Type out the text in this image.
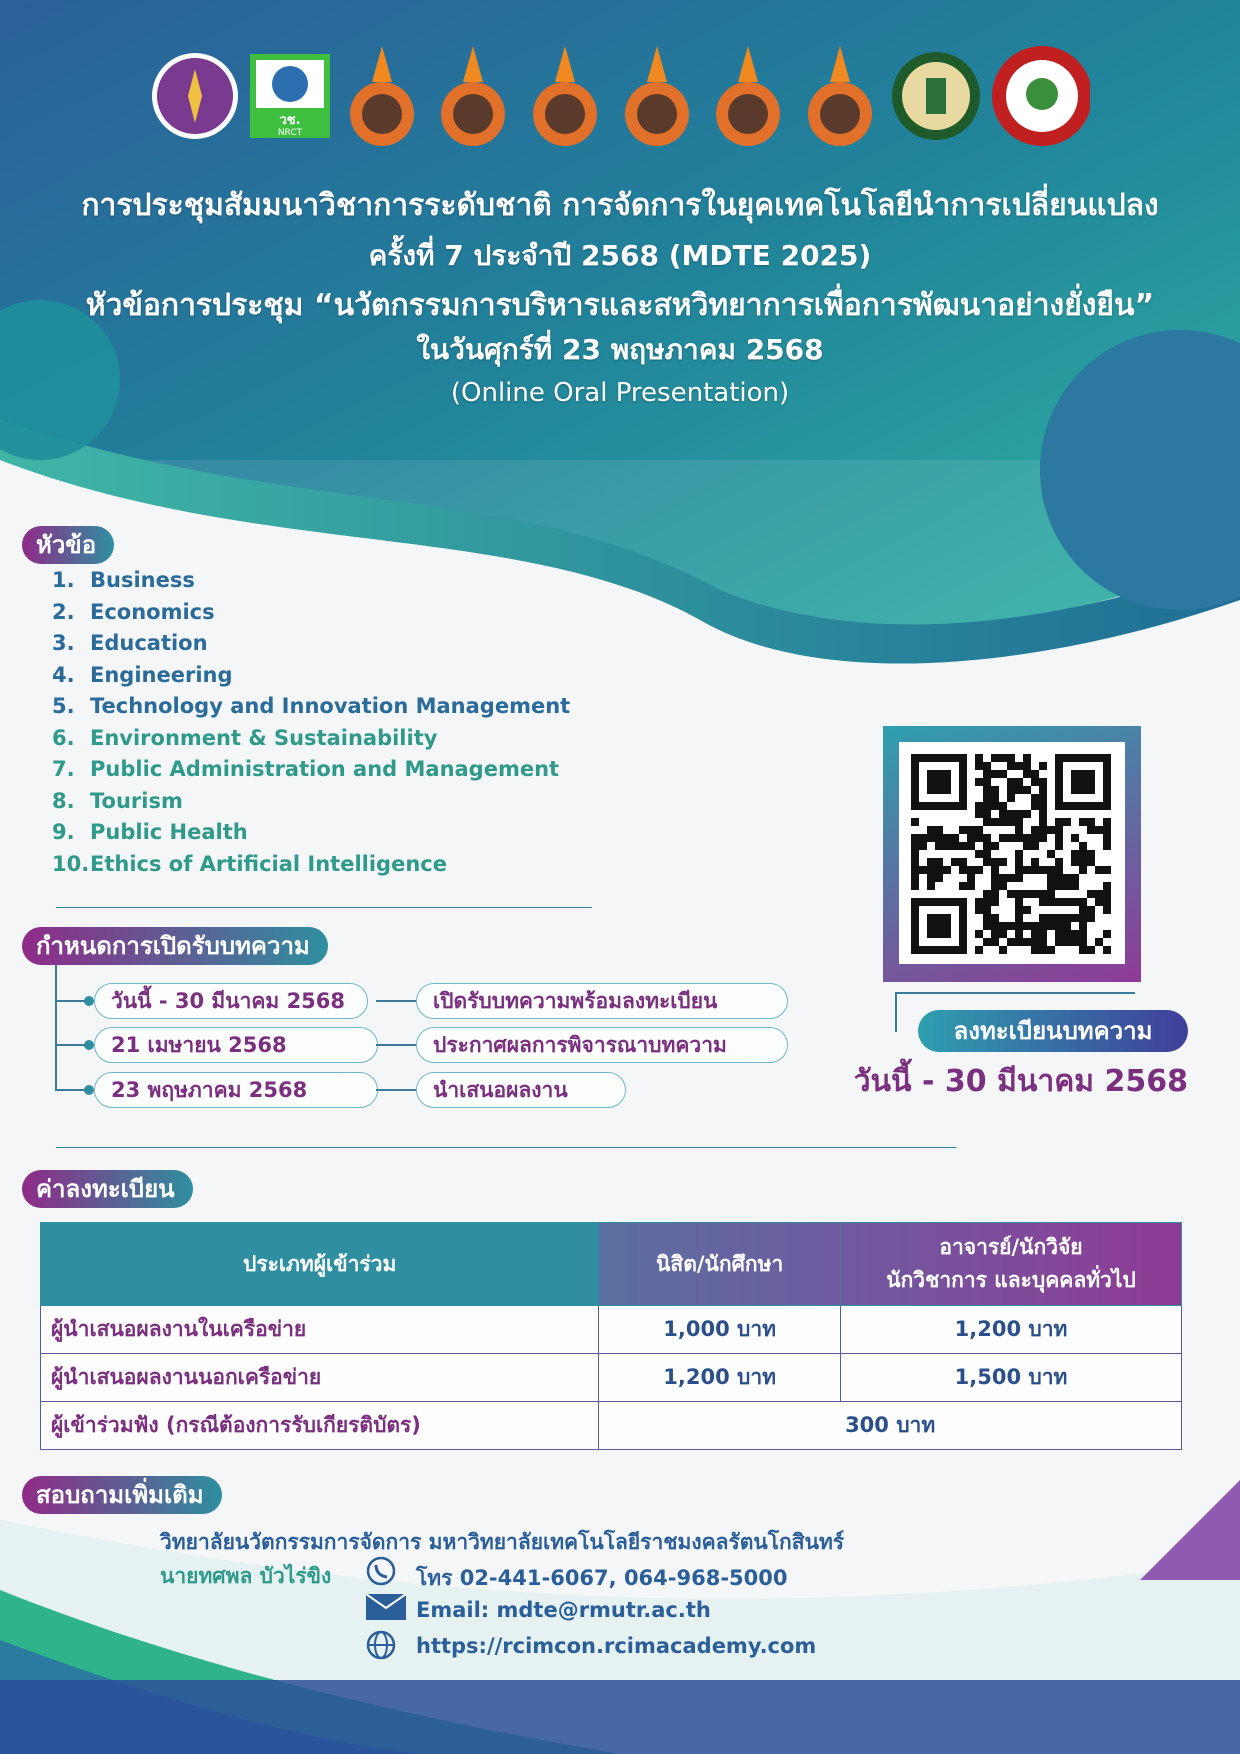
วช.
NRCT
การประชุมสัมมนาวิชาการระดับชาติ การจัดการในยุคเทคโนโลยีนำการเปลี่ยนแปลง
ครั้งที่ 7 ประจำปี 2568 (MDTE 2025)
หัวข้อการประชุม “นวัตกรรมการบริหารและสหวิทยาการเพื่อการพัฒนาอย่างยั่งยืน”
ในวันศุกร์ที่ 23 พฤษภาคม 2568
(Online Oral Presentation)
หัวข้อ
1. Business
2. Economics
3. Education
4. Engineering
5. Technology and Innovation Management
6. Environment & Sustainability
7. Public Administration and Management
8. Tourism
9. Public Health
10. Ethics of Artificial Intelligence
กำหนดการเปิดรับบทความ
วันนี้ - 30 มีนาคม 2568	เปิดรับบทความพร้อมลงทะเบียน
21 เมษายน 2568	ประกาศผลการพิจารณาบทความ
23 พฤษภาคม 2568	นำเสนอผลงาน
ลงทะเบียนบทความ
วันนี้ - 30 มีนาคม 2568
ค่าลงทะเบียน
ประเภทผู้เข้าร่วม	นิสิต/นักศึกษา	อาจารย์/นักวิจัย
นักวิชาการ และบุคคลทั่วไป

ผู้นำเสนอผลงานในเครือข่าย	1,000 บาท	1,200 บาท
ผู้นำเสนอผลงานนอกเครือข่าย	1,200 บาท	1,500 บาท
ผู้เข้าร่วมฟัง (กรณีต้องการรับเกียรติบัตร)	300 บาท	
สอบถามเพิ่มเติม
วิทยาลัยนวัตกรรมการจัดการ มหาวิทยาลัยเทคโนโลยีราชมงคลรัตนโกสินทร์
นายทศพล บัวไร่ขิง	โทร 02-441-6067, 064-968-5000
Email: mdte@rmutr.ac.th
https://rcimcon.rcimacademy.com
